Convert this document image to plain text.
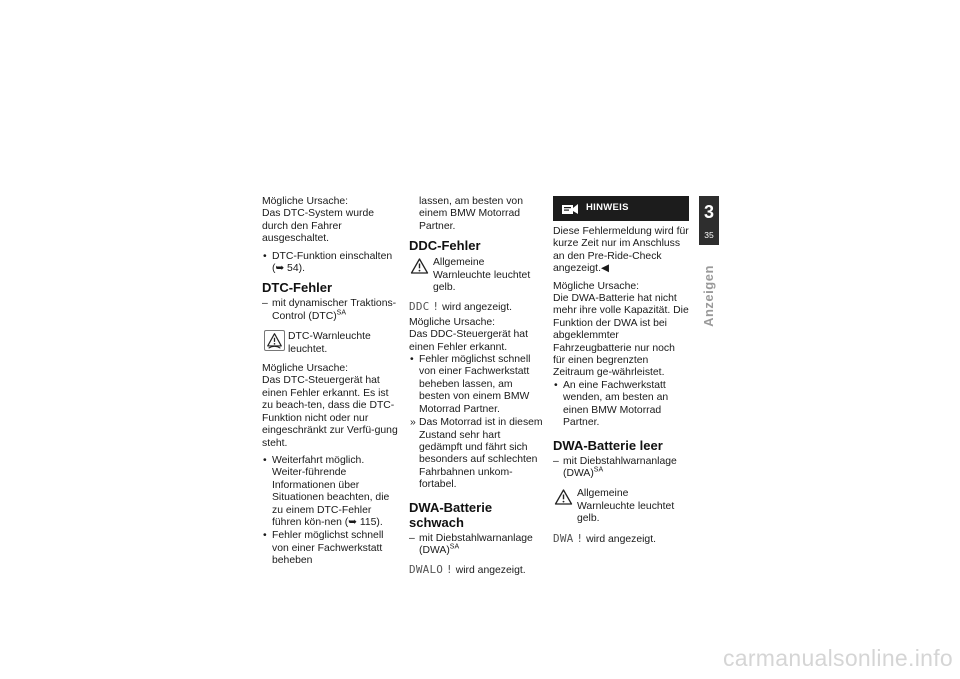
Mögliche Ursache:

Das DTC-System wurde durch den Fahrer ausgeschaltet.

• DTC-Funktion einschalten (➥ 54).
DTC-Fehler
– mit dynamischer Traktions-Control (DTC)$^{SA}$
DTC-Warnleuchte leuchtet.

Mögliche Ursache:

Das DTC-Steuergerät hat einen Fehler erkannt. Es ist zu beach-ten, dass die DTC-Funktion nicht oder nur eingeschränkt zur Verfü-gung steht.

• Weiterfahrt möglich. Weiter-führende Informationen über Situationen beachten, die zu einem DTC-Fehler führen kön-nen (➥ 115).
• Fehler möglichst schnell von einer Fachwerkstatt beheben

lassen, am besten von einem BMW Motorrad Partner.

DDC-Fehler
Allgemeine Warnleuchte leuchtet gelb.
DDC ! wird angezeigt.

Mögliche Ursache:

Das DDC-Steuergerät hat einen Fehler erkannt.

• Fehler möglichst schnell von einer Fachwerkstatt beheben lassen, am besten von einem BMW Motorrad Partner.
» Das Motorrad ist in diesem Zustand sehr hart gedämpft und fährt sich besonders auf schlechten Fahrbahnen unkom-fortabel.
DWA-Batterie schwach
– mit Diebstahlwarnanlage (DWA)$^{SA}$
DWALO ! wird angezeigt.
HINWEIS

Diese Fehlermeldung wird für kurze Zeit nur im Anschluss an den Pre-Ride-Check angezeigt.◀

Mögliche Ursache:

Die DWA-Batterie hat nicht mehr ihre volle Kapazität. Die Funktion der DWA ist bei abgeklemmter Fahrzeugbatterie nur noch für einen begrenzten Zeitraum ge-währleistet.

• An eine Fachwerkstatt wenden, am besten an einen BMW Motorrad Partner.
DWA-Batterie leer
– mit Diebstahlwarnanlage (DWA)$^{SA}$
Allgemeine Warnleuchte leuchtet gelb.
DWA ! wird angezeigt.
3
35
Anzeigen
carmanualsonline.info
